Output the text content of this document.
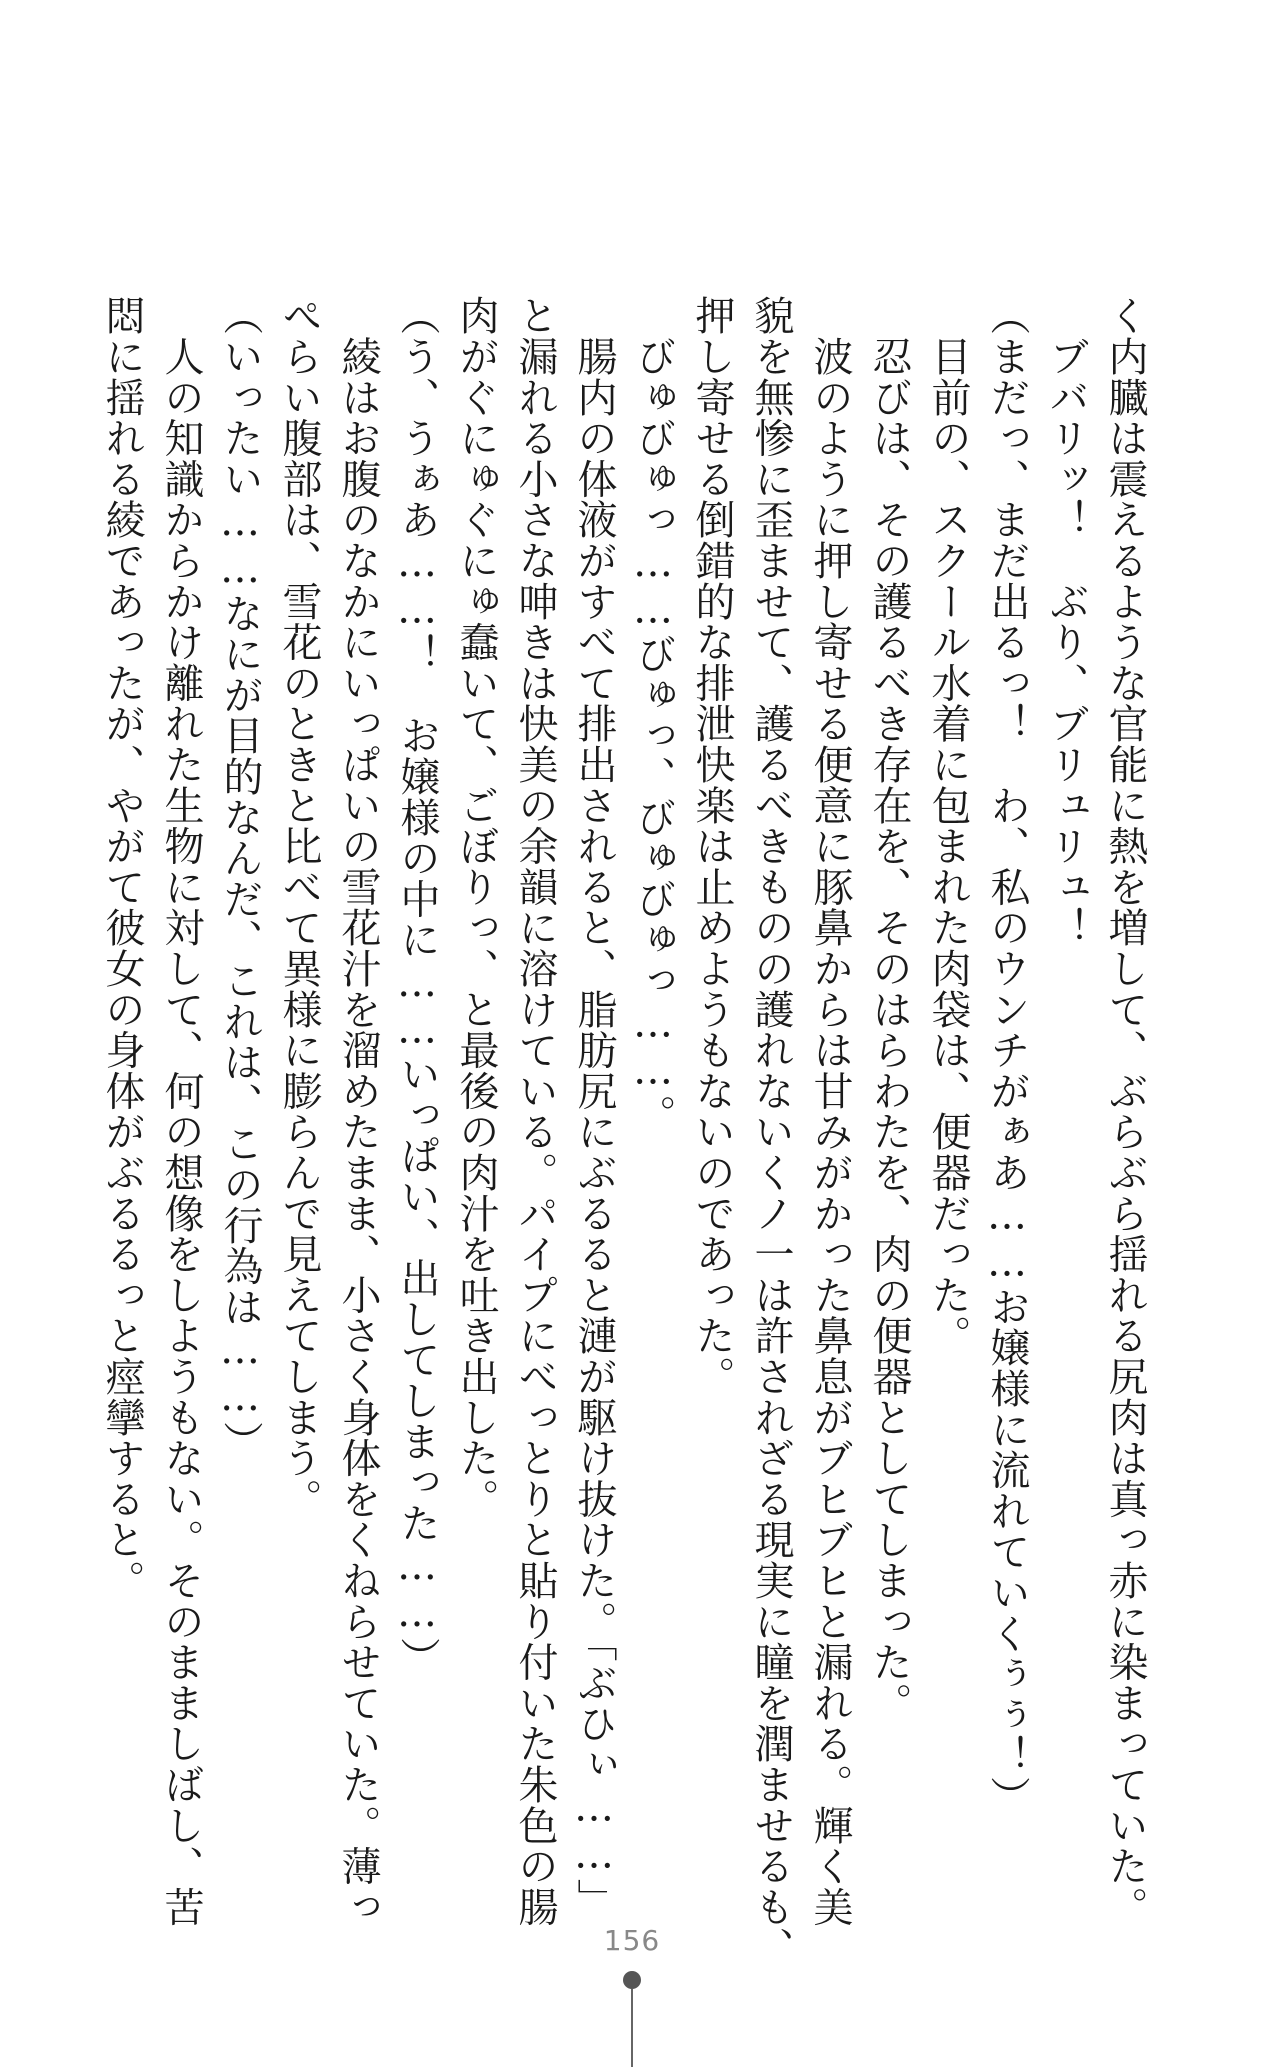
く内臓は震えるような官能に熱を増して、ぶらぶら揺れる尻肉は真っ赤に染まっていた。

　ブバリッ！　ぶり、ブリュリュ！

（まだっ、まだ出るっ！　わ、私のウンチがぁあ……お嬢様に流れていくぅぅ！）

　目前の、スクール水着に包まれた肉袋は、便器だった。

　忍びは、その護るべき存在を、そのはらわたを、肉の便器としてしまった。

　波のように押し寄せる便意に豚鼻からは甘みがかった鼻息がブヒブヒと漏れる。輝く美

貌を無惨に歪ませて、護るべきものの護れないくノ一は許されざる現実に瞳を潤ませるも、

押し寄せる倒錯的な排泄快楽は止めようもないのであった。

　びゅびゅっ……びゅっ、びゅびゅっ……。

　腸内の体液がすべて排出されると、脂肪尻にぶるると漣が駆け抜けた。「ぶひぃ……」

と漏れる小さな呻きは快美の余韻に溶けている。パイプにべっとりと貼り付いた朱色の腸

肉がぐにゅぐにゅ蠢いて、ごぼりっ、と最後の肉汁を吐き出した。

（う、うぁあ……！　お嬢様の中に……いっぱい、出してしまった……）

　綾はお腹のなかにいっぱいの雪花汁を溜めたまま、小さく身体をくねらせていた。薄っ

ぺらい腹部は、雪花のときと比べて異様に膨らんで見えてしまう。

（いったい……なにが目的なんだ、これは、この行為は……）

　人の知識からかけ離れた生物に対して、何の想像をしようもない。そのまましばし、苦

悶に揺れる綾であったが、やがて彼女の身体がぶるるっと痙攣すると。

156
